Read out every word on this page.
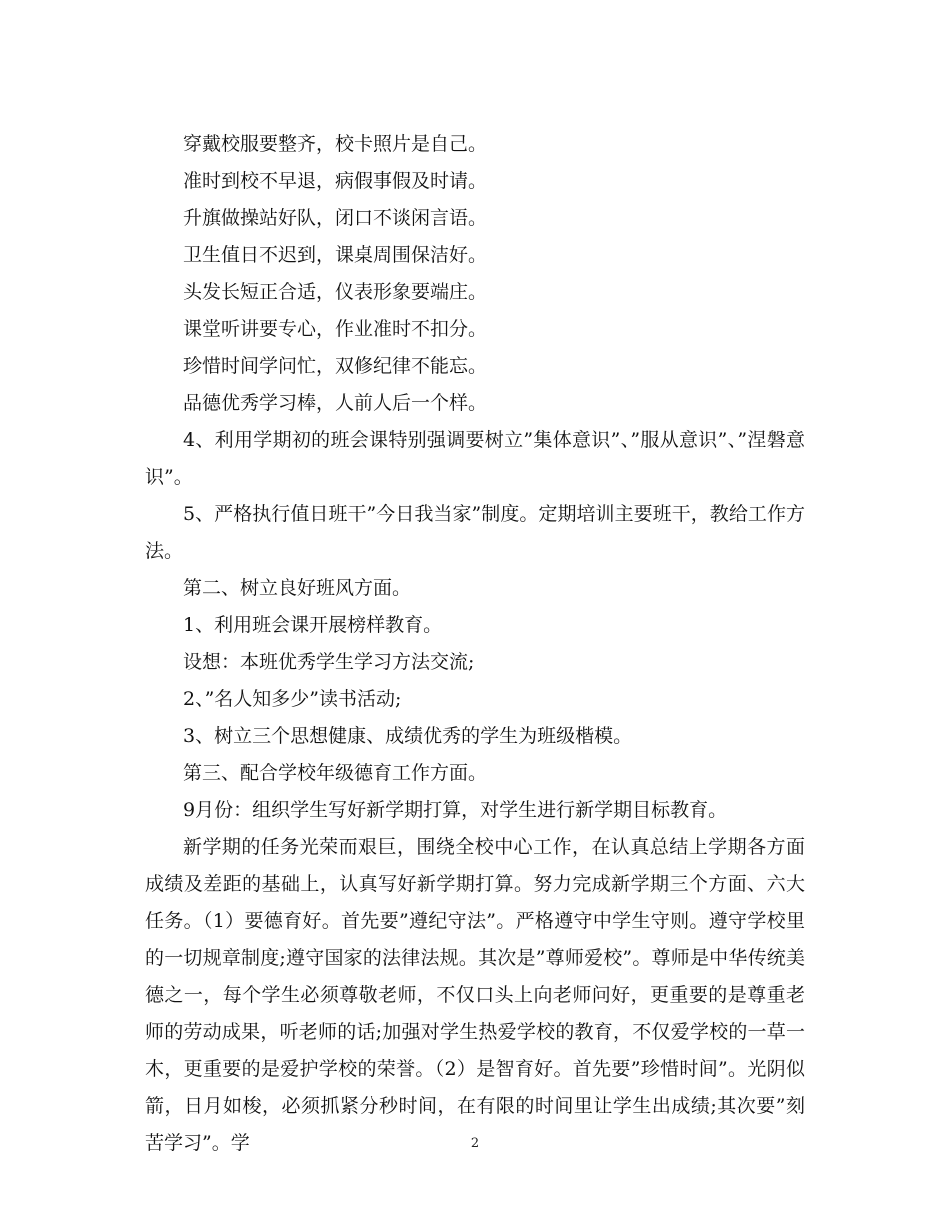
穿戴校服要整齐，校卡照片是自己。

准时到校不早退，病假事假及时请。

升旗做操站好队，闭口不谈闲言语。

卫生值日不迟到，课桌周围保洁好。

头发长短正合适，仪表形象要端庄。

课堂听讲要专心，作业准时不扣分。

珍惜时间学问忙，双修纪律不能忘。

品德优秀学习棒，人前人后一个样。

4、利用学期初的班会课特别强调要树立”集体意识”、”服从意识”、”涅磐意识”。

5、严格执行值日班干”今日我当家”制度。定期培训主要班干，教给工作方法。

第二、树立良好班风方面。

1、利用班会课开展榜样教育。

设想：本班优秀学生学习方法交流;

2、”名人知多少”读书活动;

3、树立三个思想健康、成绩优秀的学生为班级楷模。

第三、配合学校年级德育工作方面。

9月份：组织学生写好新学期打算，对学生进行新学期目标教育。

新学期的任务光荣而艰巨，围绕全校中心工作，在认真总结上学期各方面成绩及差距的基础上，认真写好新学期打算。努力完成新学期三个方面、六大任务。（1）要德育好。首先要”遵纪守法”。严格遵守中学生守则。遵守学校里的一切规章制度;遵守国家的法律法规。其次是”尊师爱校”。尊师是中华传统美德之一，每个学生必须尊敬老师，不仅口头上向老师问好，更重要的是尊重老师的劳动成果，听老师的话;加强对学生热爱学校的教育，不仅爱学校的一草一木，更重要的是爱护学校的荣誉。（2）是智育好。首先要”珍惜时间”。光阴似箭，日月如梭，必须抓紧分秒时间，在有限的时间里让学生出成绩;其次要”刻苦学习”。学	2
